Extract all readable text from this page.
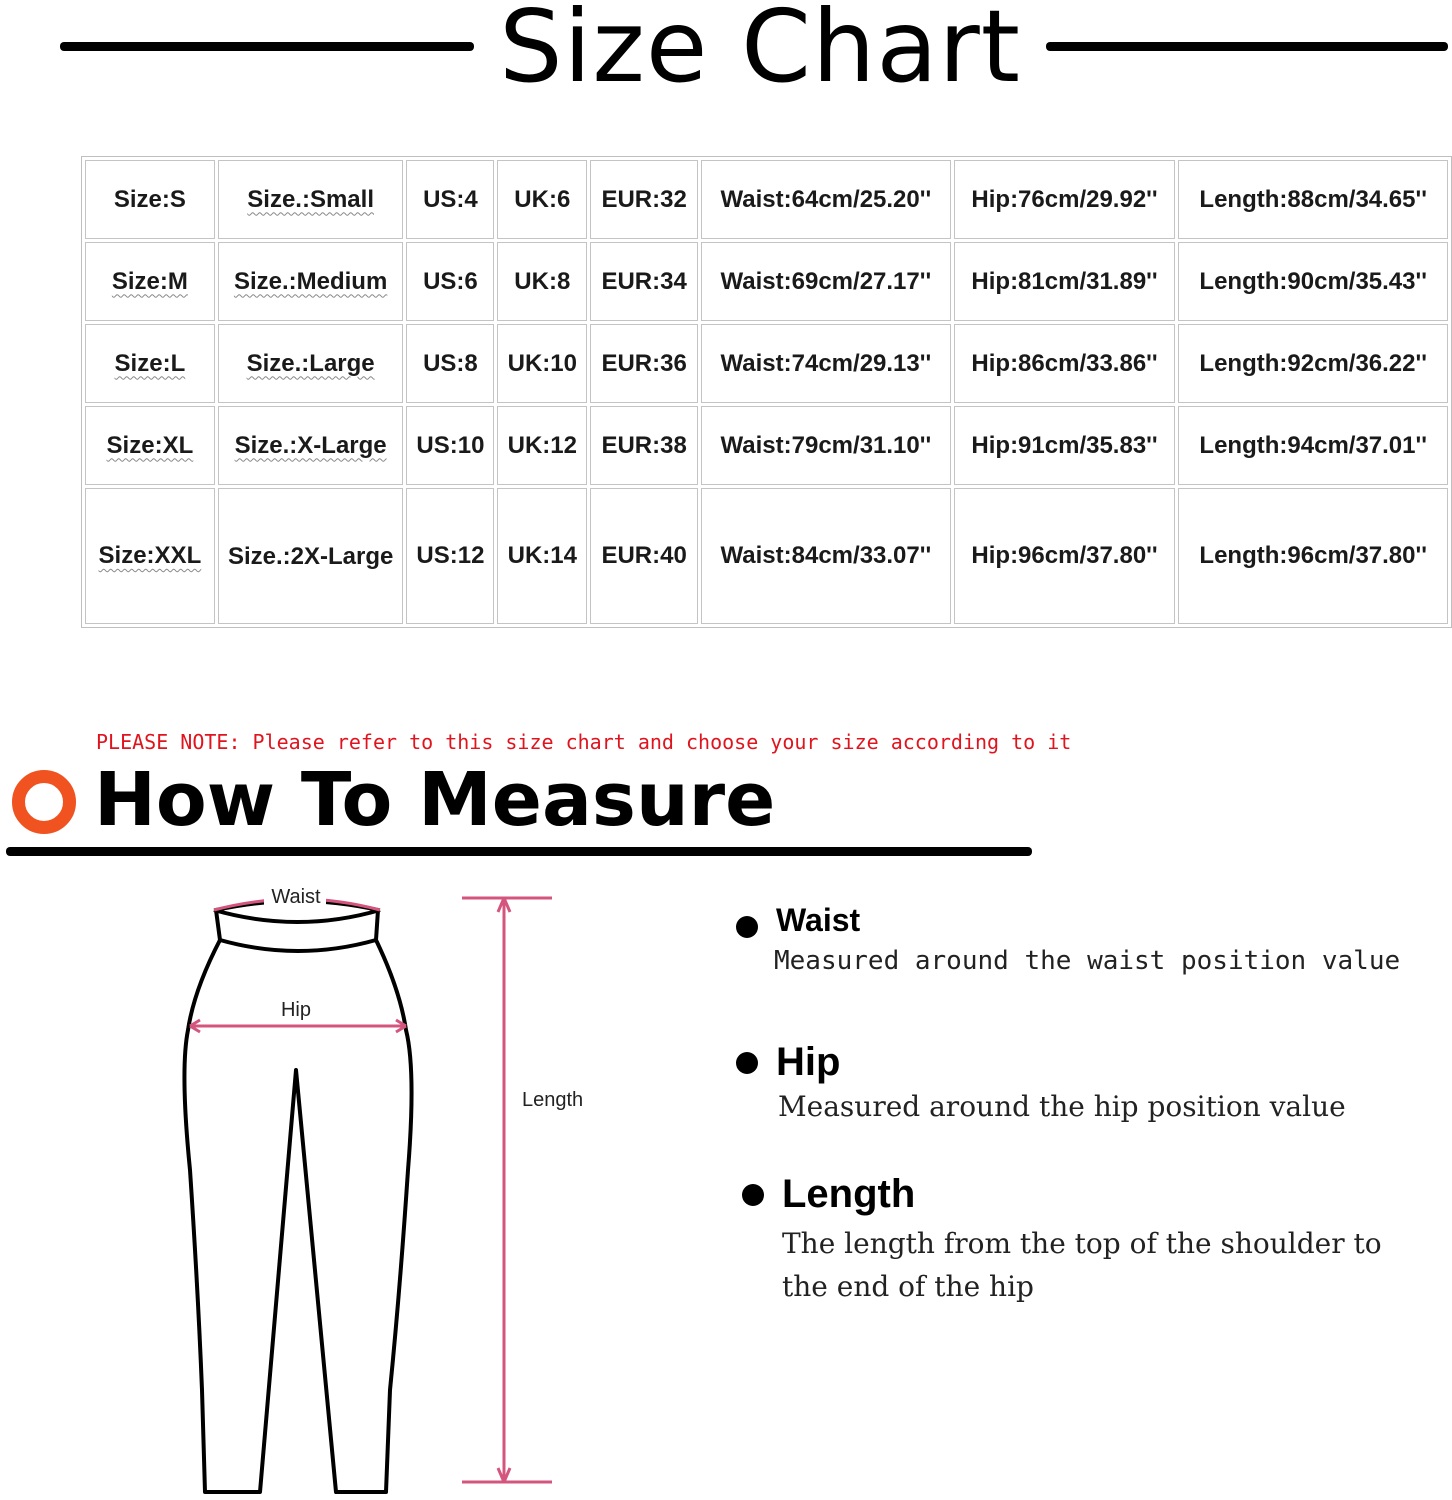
Size Chart
Size:S	Size.:Small	US:4	UK:6	EUR:32	Waist:64cm/25.20''	Hip:76cm/29.92''	Length:88cm/34.65''
Size:M	Size.:Medium	US:6	UK:8	EUR:34	Waist:69cm/27.17''	Hip:81cm/31.89''	Length:90cm/35.43''
Size:L	Size.:Large	US:8	UK:10	EUR:36	Waist:74cm/29.13''	Hip:86cm/33.86''	Length:92cm/36.22''
Size:XL	Size.:X-Large	US:10	UK:12	EUR:38	Waist:79cm/31.10''	Hip:91cm/35.83''	Length:94cm/37.01''
Size:XXL	Size.:2X-Large	US:12	UK:14	EUR:40	Waist:84cm/33.07''	Hip:96cm/37.80''	Length:96cm/37.80''
PLEASE NOTE: Please refer to this size chart and choose your size according to it
How To Measure
Waist
Hip
Length
Waist
Measured around the waist position value
Hip
Measured around the hip position value
Length
The length from the top of the shoulder to the end of the hip
